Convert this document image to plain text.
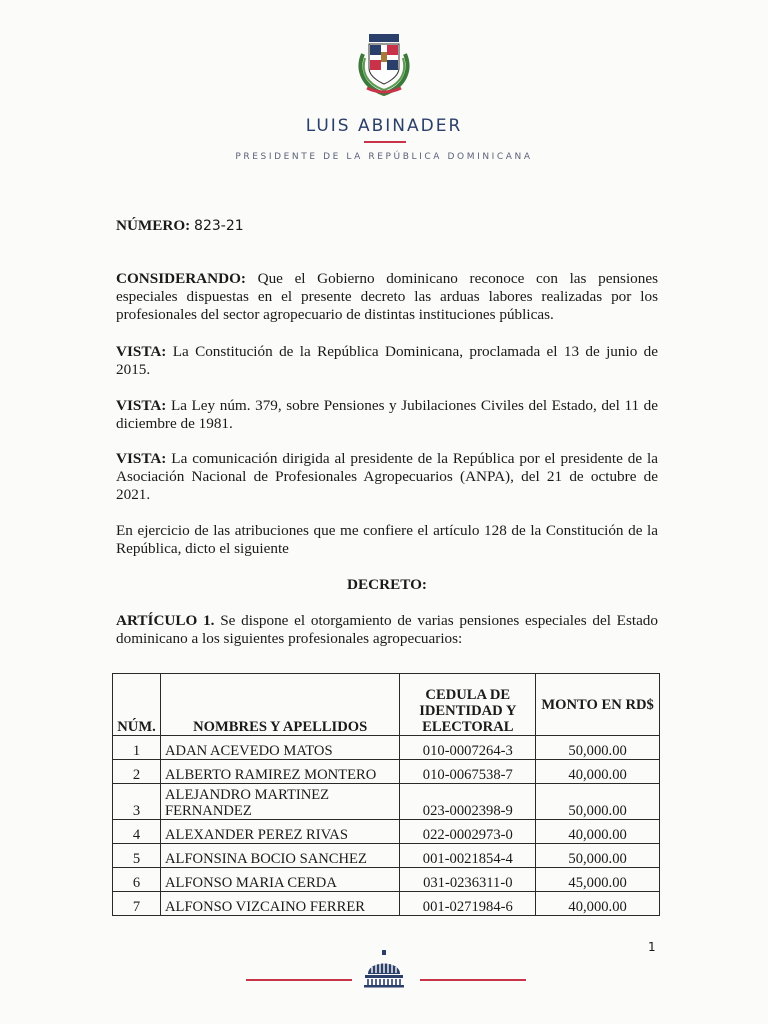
LUIS ABINADER
PRESIDENTE DE LA REPÚBLICA DOMINICANA
NÚMERO: 823-21
CONSIDERANDO: Que el Gobierno dominicano reconoce con las pensiones especiales dispuestas en el presente decreto las arduas labores realizadas por los profesionales del sector agropecuario de distintas instituciones públicas.
VISTA: La Constitución de la República Dominicana, proclamada el 13 de junio de 2015.
VISTA: La Ley núm. 379, sobre Pensiones y Jubilaciones Civiles del Estado, del 11 de diciembre de 1981.
VISTA: La comunicación dirigida al presidente de la República por el presidente de la Asociación Nacional de Profesionales Agropecuarios (ANPA), del 21 de octubre de 2021.
En ejercicio de las atribuciones que me confiere el artículo 128 de la Constitución de la República, dicto el siguiente
DECRETO:
ARTÍCULO 1. Se dispone el otorgamiento de varias pensiones especiales del Estado dominicano a los siguientes profesionales agropecuarios:
NÚM.	NOMBRES Y APELLIDOS	CEDULA DE IDENTIDAD Y ELECTORAL	MONTO EN RD$
1	ADAN ACEVEDO MATOS	010-0007264-3	50,000.00
2	ALBERTO RAMIREZ MONTERO	010-0067538-7	40,000.00
3	ALEJANDRO MARTINEZ FERNANDEZ	023-0002398-9	50,000.00
4	ALEXANDER PEREZ RIVAS	022-0002973-0	40,000.00
5	ALFONSINA BOCIO SANCHEZ	001-0021854-4	50,000.00
6	ALFONSO MARIA CERDA	031-0236311-0	45,000.00
7	ALFONSO VIZCAINO FERRER	001-0271984-6	40,000.00
1
